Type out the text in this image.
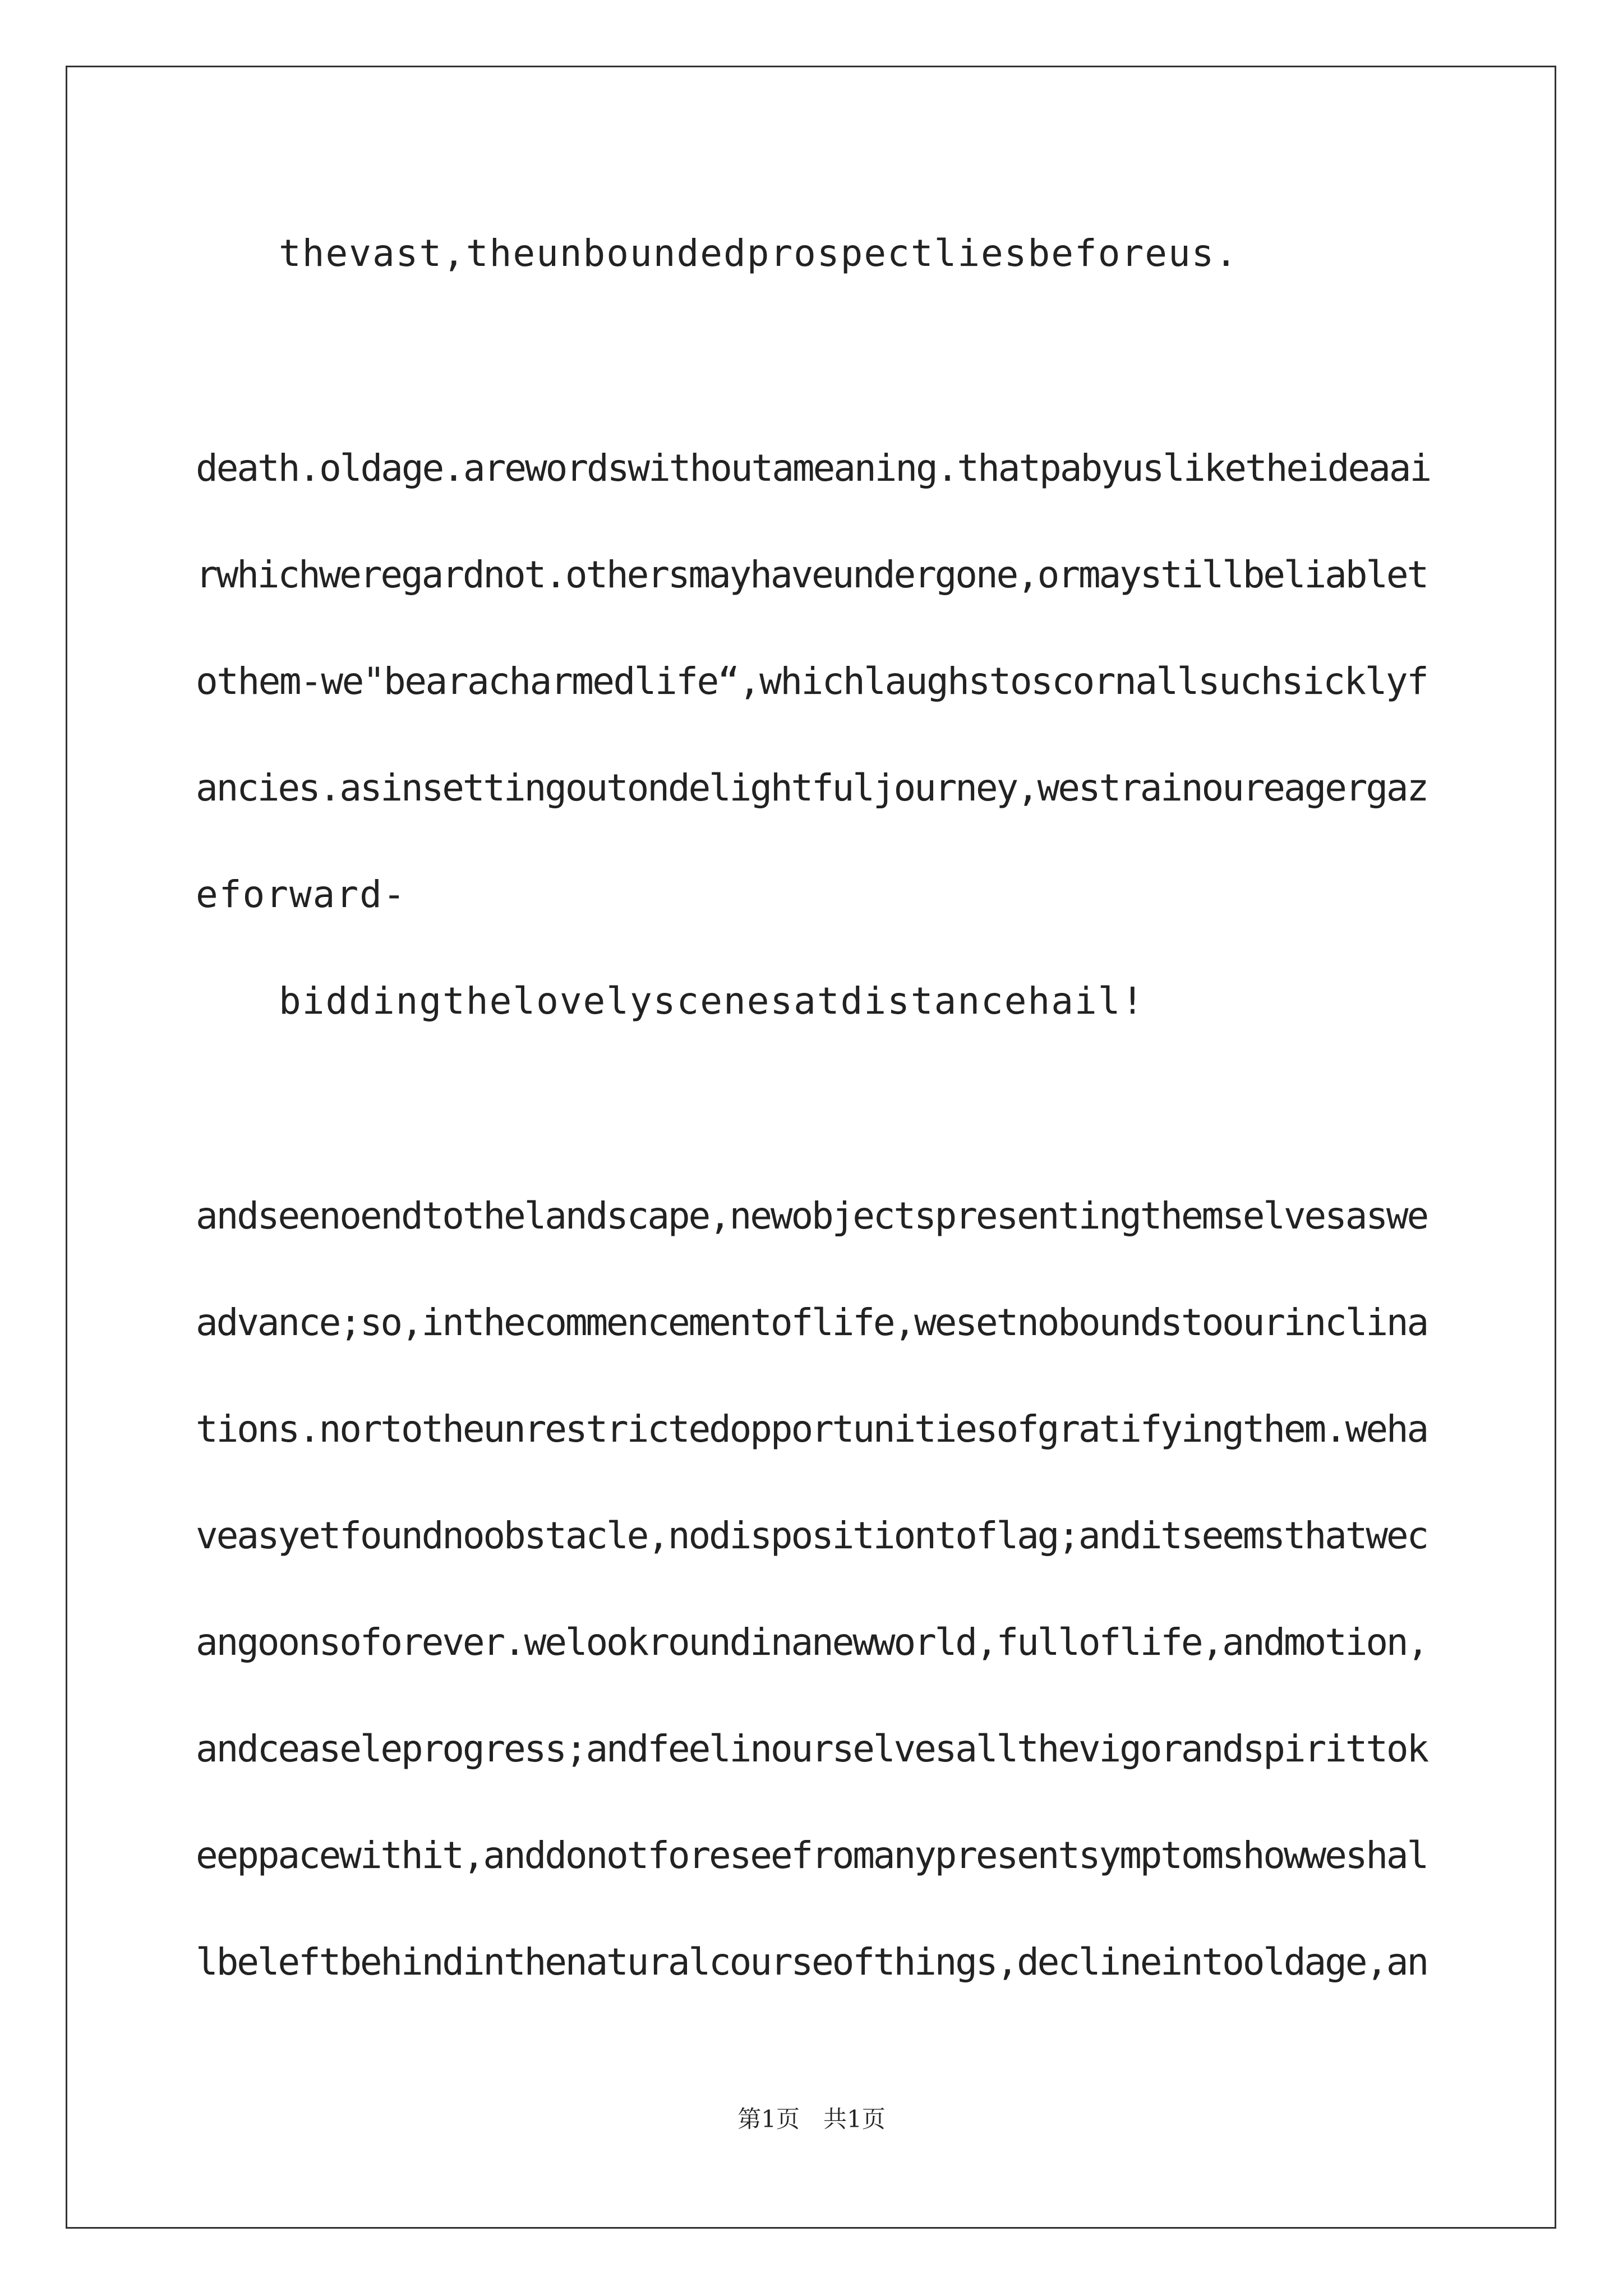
thevast,theunboundedprospectliesbeforeus.

death.oldage.arewordswithoutameaning.thatpabyuslike​theideaai

rwhichweregardnot.othersmayhaveundergone,ormaystillbeliablet

othem-we"bearacharmedlife“,whichlaughstoscornallsuchsicklyf

ancies.asinsettingoutondelightfuljourney,westrainoureagergaz

eforward-

biddingthelovelyscenesatdistancehail!

andseenoendtothelandscape,newobjectspresentingthemselvesaswe

advance;so,inthecommencementoflife,wesetnoboundstoourinclina

tions.nortotheunrestrictedopportunitiesofgratifyingthem.weha

veasyetfoundnoobstacle,nodispositiontoflag;anditseemsthatwec

angoonsoforever.welookroundinanewworld,fulloflife,andmotion,

andceaseleprogress;andfeelinourselvesallthevigorandspirittok

eeppacewithit,anddonotforeseefromanypresentsymptomshowweshal

lbeleftbehindinthenaturalcourseofthings,declineintooldage,an

第1页　共1页
